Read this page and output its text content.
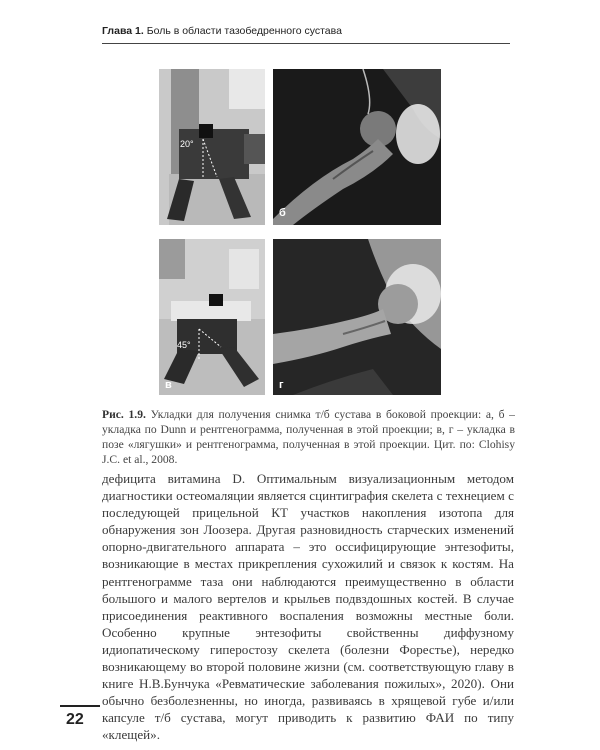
Глава 1. Боль в области тазобедренного сустава
20°
б
45°
в	г
Рис. 1.9. Укладки для получения снимка т/б сустава в боковой проекции: а, б – укладка по Dunn и рентгенограмма, полученная в этой проекции; в, г – укладка в позе «лягушки» и рентгенограмма, полученная в этой проекции. Цит. по: Clohisy J.C. et al., 2008.

дефицита витамина D. Оптимальным визуализационным методом диагностики остеомаляции является сцинтиграфия скелета с технецием с последующей прицельной КТ участков накопления изотопа для обнаружения зон Лоозера. Другая разновидность старческих изменений опорно-двигательного аппарата – это оссифицирующие энтезофиты, возникающие в местах прикрепления сухожилий и связок к костям. На рентгенограмме таза они наблюдаются преимущественно в области большого и малого вертелов и крыльев подвздошных костей. В случае присоединения реактивного воспаления возможны местные боли. Особенно крупные энтезофиты свойственны диффузному идиопатическому гиперостозу скелета (болезни Форестье), нередко возникающему во второй половине жизни (см. соответствующую главу в книге Н.В.Бунчука «Ревматические заболевания пожилых», 2020). Они обычно безболезненны, но иногда, развиваясь в хрящевой губе и/или капсуле т/б сустава, могут приводить к развитию ФАИ по типу «клещей».

22
